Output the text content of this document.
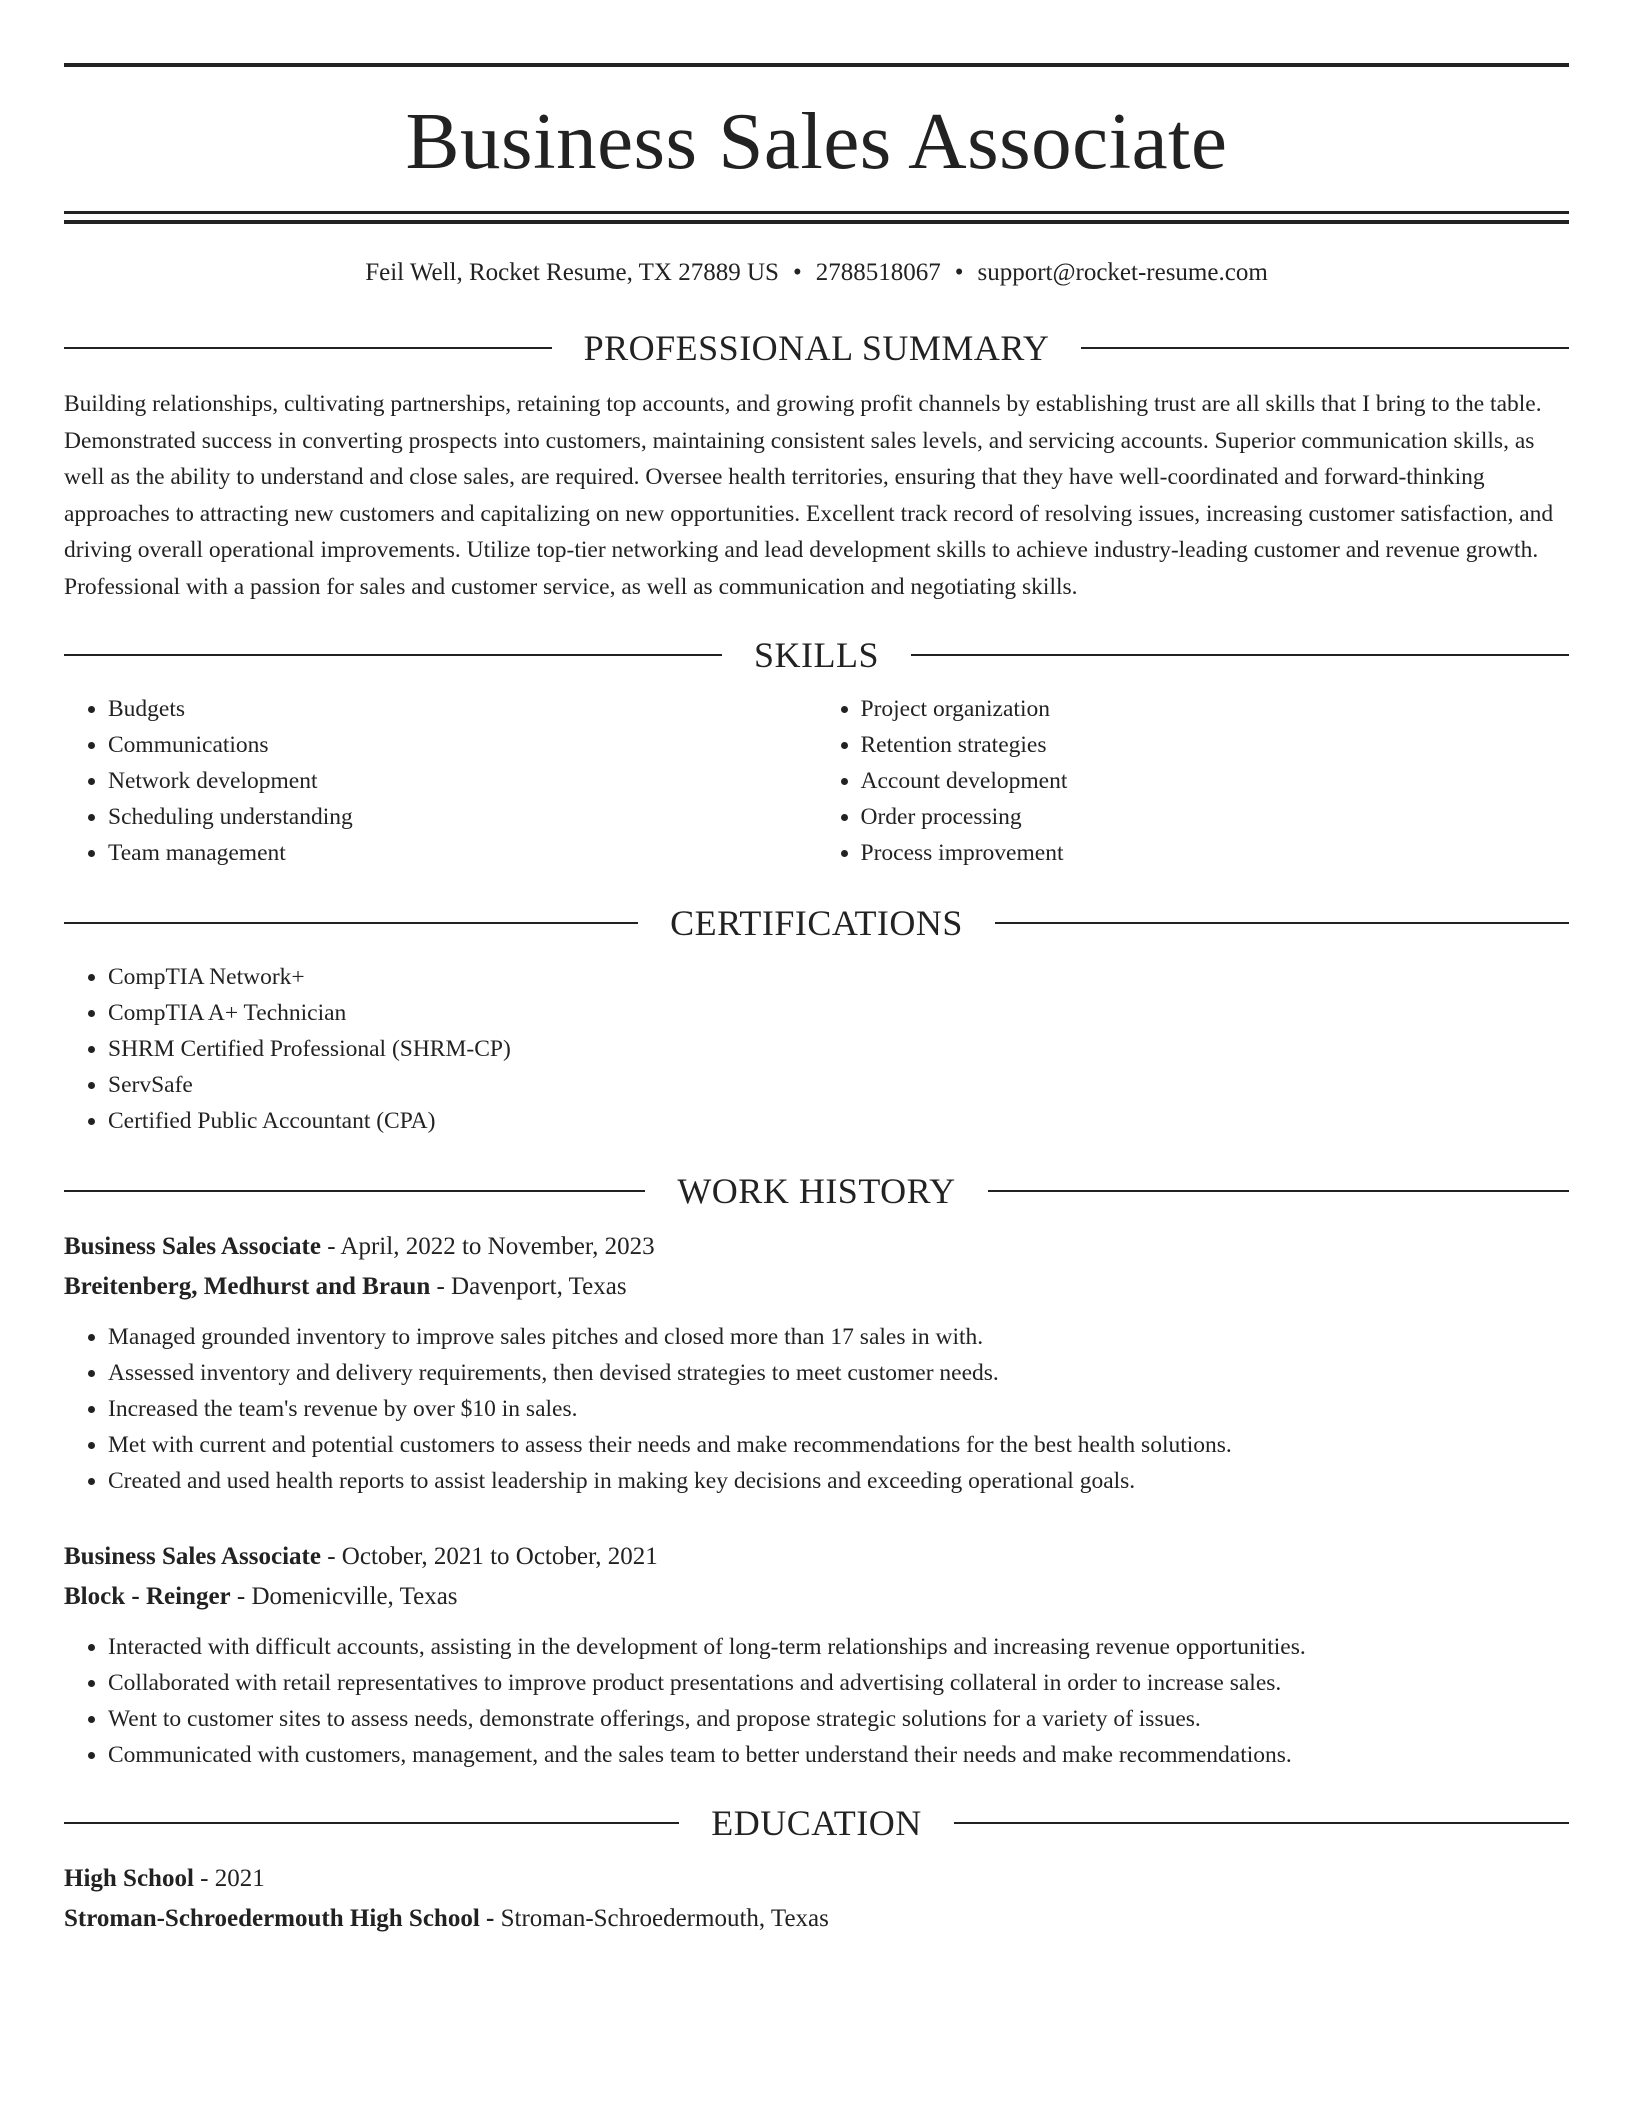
Business Sales Associate
Feil Well, Rocket Resume, TX 27889 US • 2788518067 • support@rocket-resume.com
PROFESSIONAL SUMMARY
Building relationships, cultivating partnerships, retaining top accounts, and growing profit channels by establishing trust are all skills that I bring to the table. Demonstrated success in converting prospects into customers, maintaining consistent sales levels, and servicing accounts. Superior communication skills, as well as the ability to understand and close sales, are required. Oversee health territories, ensuring that they have well-coordinated and forward-thinking approaches to attracting new customers and capitalizing on new opportunities. Excellent track record of resolving issues, increasing customer satisfaction, and driving overall operational improvements. Utilize top-tier networking and lead development skills to achieve industry-leading customer and revenue growth. Professional with a passion for sales and customer service, as well as communication and negotiating skills.
SKILLS
• Budgets
• Communications
• Network development
• Scheduling understanding
• Team management
• Project organization
• Retention strategies
• Account development
• Order processing
• Process improvement
CERTIFICATIONS
• CompTIA Network+
• CompTIA A+ Technician
• SHRM Certified Professional (SHRM-CP)
• ServSafe
• Certified Public Accountant (CPA)
WORK HISTORY
Business Sales Associate - April, 2022 to November, 2023
Breitenberg, Medhurst and Braun - Davenport, Texas
• Managed grounded inventory to improve sales pitches and closed more than 17 sales in with.
• Assessed inventory and delivery requirements, then devised strategies to meet customer needs.
• Increased the team's revenue by over $10 in sales.
• Met with current and potential customers to assess their needs and make recommendations for the best health solutions.
• Created and used health reports to assist leadership in making key decisions and exceeding operational goals.
Business Sales Associate - October, 2021 to October, 2021
Block - Reinger - Domenicville, Texas
• Interacted with difficult accounts, assisting in the development of long-term relationships and increasing revenue opportunities.
• Collaborated with retail representatives to improve product presentations and advertising collateral in order to increase sales.
• Went to customer sites to assess needs, demonstrate offerings, and propose strategic solutions for a variety of issues.
• Communicated with customers, management, and the sales team to better understand their needs and make recommendations.
EDUCATION
High School - 2021
Stroman-Schroedermouth High School - Stroman-Schroedermouth, Texas
